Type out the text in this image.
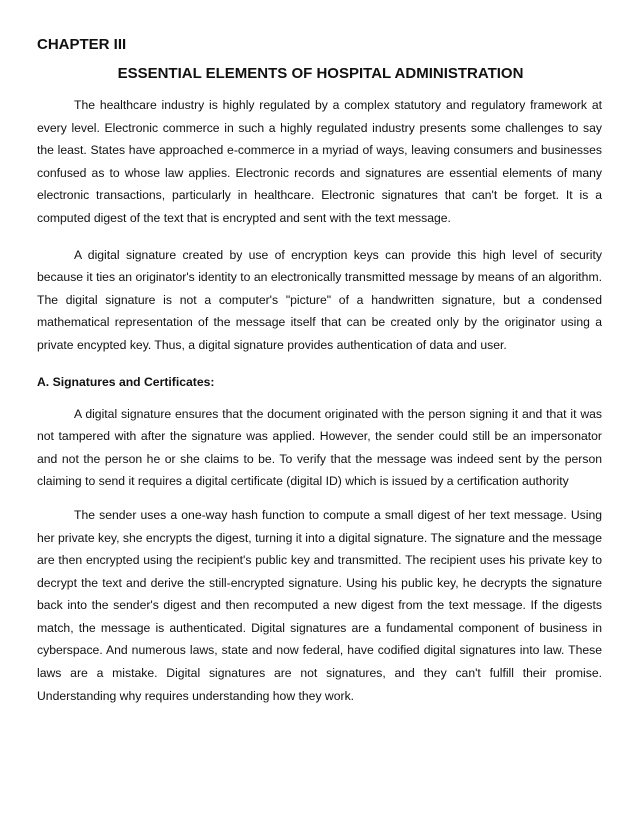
CHAPTER III
ESSENTIAL ELEMENTS OF HOSPITAL ADMINISTRATION

The healthcare industry is highly regulated by a complex statutory and regulatory framework at every level. Electronic commerce in such a highly regulated industry presents some challenges to say the least. States have approached e-commerce in a myriad of ways, leaving consumers and businesses confused as to whose law applies. Electronic records and signatures are essential elements of many electronic transactions, particularly in healthcare. Electronic signatures that can't be forget. It is a computed digest of the text that is encrypted and sent with the text message.

A digital signature created by use of encryption keys can provide this high level of security because it ties an originator's identity to an electronically transmitted message by means of an algorithm. The digital signature is not a computer's "picture" of a handwritten signature, but a condensed mathematical representation of the message itself that can be created only by the originator using a private encypted key. Thus, a digital signature provides authentication of data and user.

A. Signatures and Certificates:

A digital signature ensures that the document originated with the person signing it and that it was not tampered with after the signature was applied. However, the sender could still be an impersonator and not the person he or she claims to be. To verify that the message was indeed sent by the person claiming to send it requires a digital certificate (digital ID) which is issued by a certification authority

The sender uses a one-way hash function to compute a small digest of her text message. Using her private key, she encrypts the digest, turning it into a digital signature. The signature and the message are then encrypted using the recipient's public key and transmitted. The recipient uses his private key to decrypt the text and derive the still-encrypted signature. Using his public key, he decrypts the signature back into the sender's digest and then recomputed a new digest from the text message. If the digests match, the message is authenticated. Digital signatures are a fundamental component of business in cyberspace. And numerous laws, state and now federal, have codified digital signatures into law. These laws are a mistake. Digital signatures are not signatures, and they can't fulfill their promise. Understanding why requires understanding how they work.
